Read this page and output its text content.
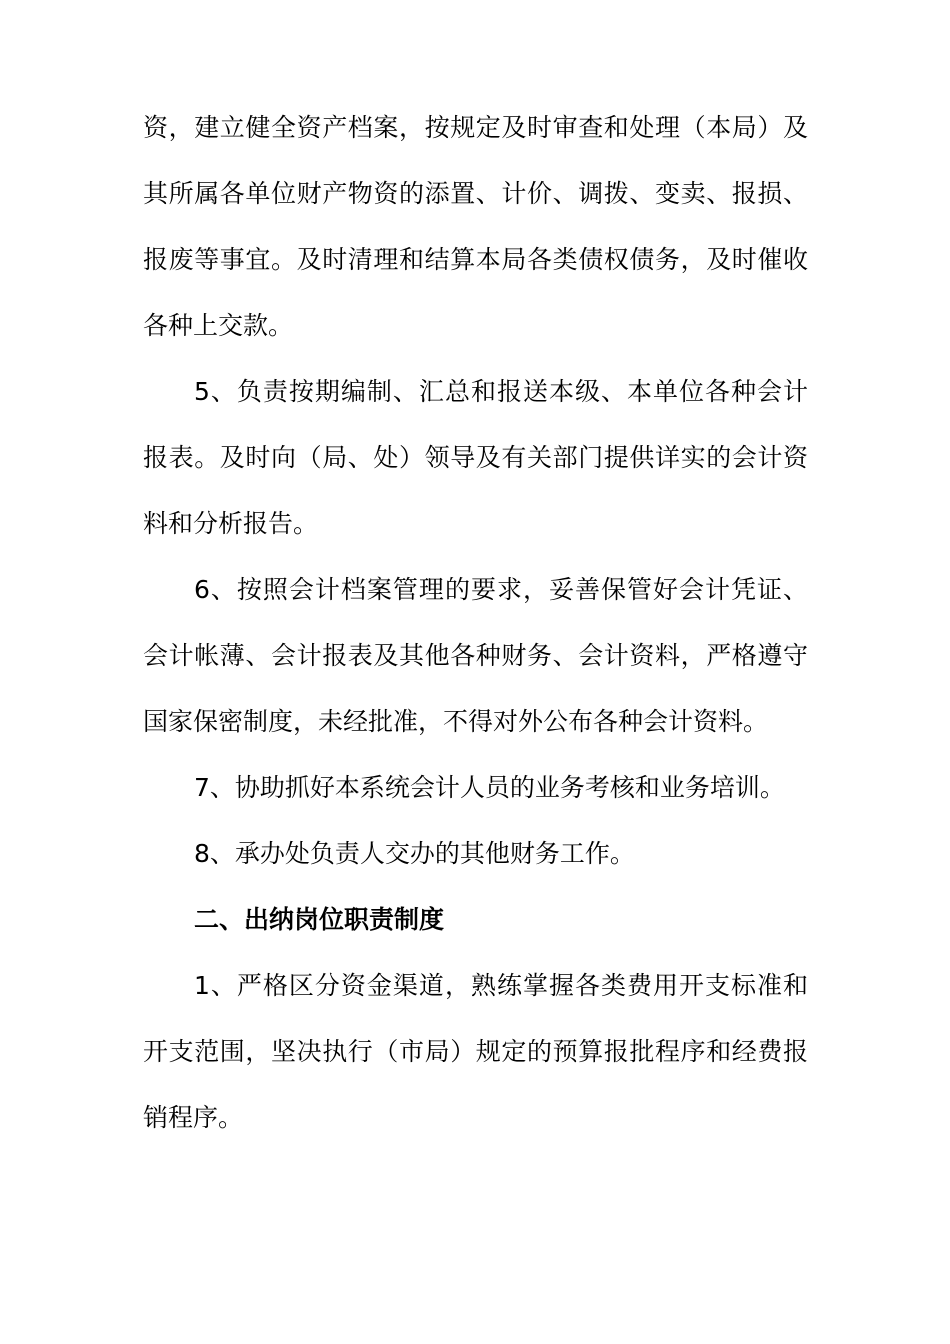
资，建立健全资产档案，按规定及时审查和处理（本局）及其所属各单位财产物资的添置、计价、调拨、变卖、报损、报废等事宜。及时清理和结算本局各类债权债务，及时催收各种上交款。

5、负责按期编制、汇总和报送本级、本单位各种会计报表。及时向（局、处）领导及有关部门提供详实的会计资料和分析报告。

6、按照会计档案管理的要求，妥善保管好会计凭证、会计帐薄、会计报表及其他各种财务、会计资料，严格遵守国家保密制度，未经批准，不得对外公布各种会计资料。

7、协助抓好本系统会计人员的业务考核和业务培训。

8、承办处负责人交办的其他财务工作。

二、出纳岗位职责制度

1、严格区分资金渠道，熟练掌握各类费用开支标准和开支范围，坚决执行（市局）规定的预算报批程序和经费报销程序。
